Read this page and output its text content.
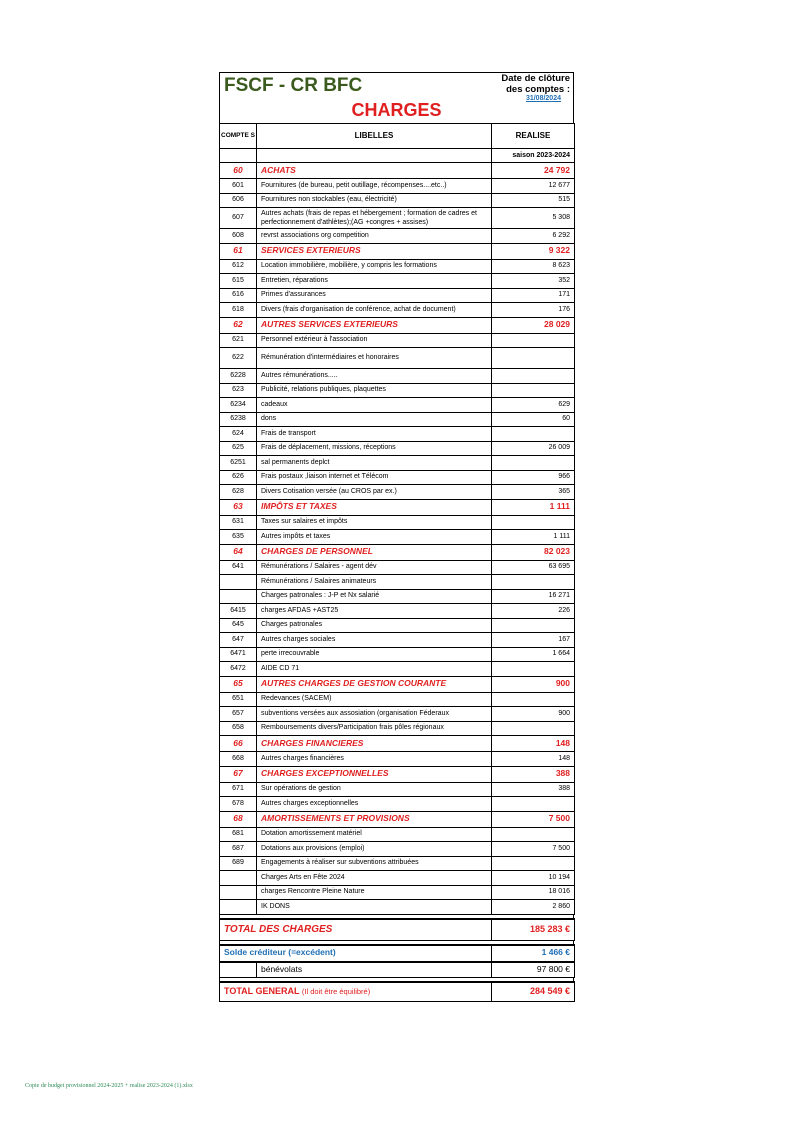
FSCF - CR BFC	Date de clôture
des comptes :
31/08/2024
CHARGES
COMPTE S	LIBELLES	REALISE
		saison 2023-2024
60	ACHATS	24 792
601	Fournitures (de bureau, petit outillage, récompenses....etc..)	12 677
606	Fournitures non stockables (eau, électricité)	515
607	Autres achats (frais de repas et hébergement ; formation de cadres et perfectionnement d'athlètes);(AG +congres + assises)	5 308
608	revrst associations org competition	6 292
61	SERVICES EXTERIEURS	9 322
612	Location immobilière, mobilière, y compris les formations	8 623
615	Entretien, réparations	352
616	Primes d'assurances	171
618	Divers (frais d'organisation de conférence, achat de document)	176
62	AUTRES SERVICES EXTERIEURS	28 029
621	Personnel extérieur à l'association	
622	Rémunération d'intermédiaires et honoraires	
6228	Autres rémunérations.....	
623	Publicité, relations publiques, plaquettes	
6234	cadeaux	629
6238	dons	60
624	Frais de transport	
625	Frais de déplacement, missions, réceptions	26 009
6251	sal permanents deplct	
626	Frais postaux ,liaison internet et Télécom	966
628	Divers Cotisation versée (au CROS par ex.)	365
63	IMPÔTS ET TAXES	1 111
631	Taxes sur salaires et impôts	
635	Autres impôts et taxes	1 111
64	CHARGES DE PERSONNEL	82 023
641	Rémunérations / Salaires - agent dév	63 695
	Rémunérations / Salaires animateurs	
	Charges patronales : J-P et Nx salarié	16 271
6415	charges AFDAS +AST25	226
645	Charges patronales	
647	Autres charges sociales	167
6471	perte irrecouvrable	1 664
6472	AIDE CD 71	
65	AUTRES CHARGES DE GESTION COURANTE	900
651	Redevances (SACEM)	
657	subventions versées aux assosiation (organisation Féderaux	900
658	Remboursements divers/Participation frais pôles régionaux	
66	CHARGES FINANCIERES	148
668	Autres charges financières	148
67	CHARGES EXCEPTIONNELLES	388
671	Sur opérations de gestion	388
678	Autres charges exceptionnelles	
68	AMORTISSEMENTS ET PROVISIONS	7 500
681	Dotation amortissement matériel	
687	Dotations aux provisions (emploi)	7 500
689	Engagements à réaliser sur subventions attribuées	
	Charges Arts en Fête 2024	10 194
	charges Rencontre Pleine Nature	18 016
	IK DONS	2 860
TOTAL DES CHARGES	185 283 €
Solde créditeur (=excédent)	1 466 €
	bénévolats	97 800 €
TOTAL GENERAL (Il doit être équilibré)	284 549 €
Copie de budget provisionnel 2024-2025 + realise 2023-2024 (1).xlsx
